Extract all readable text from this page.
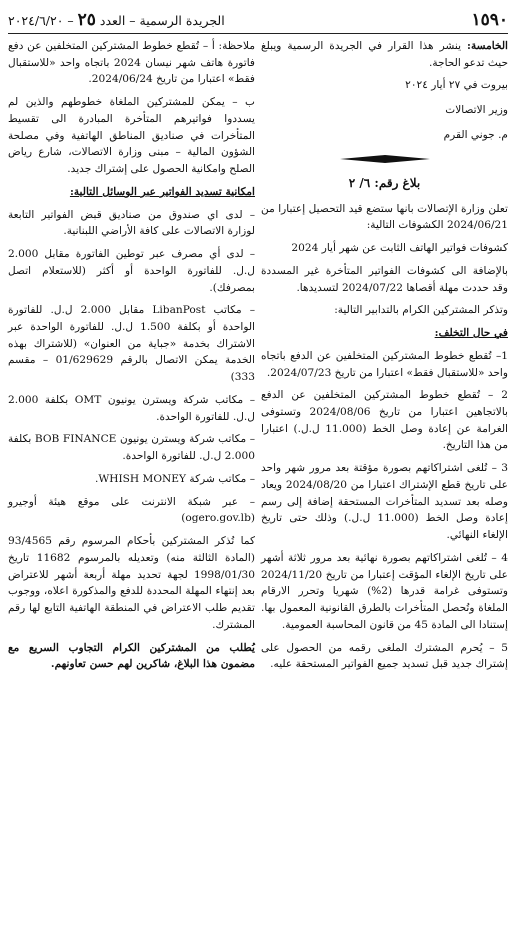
١٥٩٠
الجريدة الرسمية – العدد ٢٥ – ٢٠٢٤/٦/٢٠

الخامسة: ينشر هذا القرار في الجريدة الرسمية ويبلغ حيث تدعو الحاجة.

بيروت في ٢٧ أيار ٢٠٢٤
وزير الاتصالات
م. جوني القرم
بلاغ رقم: ٦/ ٢

تعلن وزارة الإتصالات بانها ستضع قيد التحصيل إعتبارا من 2024/06/21 الكشوفات التالية:

كشوفات فواتير الهاتف الثابت عن شهر أيار 2024

بالإضافة الى كشوفات الفواتير المتأخرة غير المسددة وقد حددت مهلة أقصاها 2024/07/22 لتسديدها.

وتذكر المشتركين الكرام بالتدابير التالية:

في حال التخلف:

1– تُقطع خطوط المشتركين المتخلفين عن الدفع باتجاه واحد «للاستقبال فقط» اعتبارا من تاريخ 2024/07/23.

2 – تُقطع خطوط المشتركين المتخلفين عن الدفع بالاتجاهين اعتبارا من تاريخ 2024/08/06 وتستوفى الغرامة عن إعادة وصل الخط (11.000 ل.ل.) اعتبارا من هذا التاريخ.

3 – تُلغى اشتراكاتهم بصورة مؤقتة بعد مرور شهر واحد على تاريخ قطع الإشتراك اعتبارا من 2024/08/20 ويعاد وصله بعد تسديد المتأخرات المستحقة إضافة إلى رسم إعادة وصل الخط (11.000 ل.ل.) وذلك حتى تاريخ الإلغاء النهائي.

4 – تُلغى اشتراكاتهم بصورة نهائية بعد مرور ثلاثة أشهر على تاريخ الإلغاء المؤقت إعتبارا من تاريخ 2024/11/20 وتستوفى غرامة قدرها (2%) شهريا وتحرر الارقام الملغاة وتُحصل المتأخرات بالطرق القانونية المعمول بها. إستنادا الى المادة 45 من قانون المحاسبة العمومية.

5 – يُحرم المشترك الملغى رقمه من الحصول على إشتراك جديد قبل تسديد جميع الفواتير المستحقة عليه.

ملاحظة: أ – تُقطع خطوط المشتركين المتخلفين عن دفع فاتورة هاتف شهر نيسان 2024 باتجاه واحد «للاستقبال فقط» اعتبارا من تاريخ 2024/06/24.

ب – يمكن للمشتركين الملغاة خطوطهم والذين لم يسددوا فواتيرهم المتأخرة المبادرة الى تقسيط المتأخرات في صناديق المناطق الهاتفية وفي مصلحة الشؤون المالية – مبنى وزارة الاتصالات، شارع رياض الصلح وامكانية الحصول على إشتراك جديد.

امكانية تسديد الفواتير عبر الوسائل التالية:

– لدى اي صندوق من صناديق قبض الفواتير التابعة لوزارة الاتصالات على كافة الأراضي اللبنانية.

– لدى أي مصرف عبر توطين الفاتورة مقابل 2.000 ل.ل. للفاتورة الواحدة أو أكثر (للاستعلام اتصل بمصرفك).

– مكاتب LibanPost مقابل 2.000 ل.ل. للفاتورة الواحدة أو بكلفة 1.500 ل.ل. للفاتورة الواحدة عبر الاشتراك بخدمة «جباية من العنوان» (للاشتراك بهذه الخدمة يمكن الاتصال بالرقم 01/629629 – مقسم 333)

– مكاتب شركة ويسترن يونيون OMT بكلفة 2.000 ل.ل. للفاتورة الواحدة.

– مكاتب شركة ويسترن يونيون BOB FINANCE بكلفة 2.000 ل.ل. للفاتورة الواحدة.

– مكاتب شركة WHISH MONEY.

– عبر شبكة الانترنت على موقع هيئة أوجيرو (ogero.gov.lb)

كما تُذكر المشتركين بأحكام المرسوم رقم 93/4565 (المادة الثالثة منه) وتعديله بالمرسوم 11682 تاريخ 1998/01/30 لجهة تحديد مهلة أربعة أشهر للاعتراض بعد إنتهاء المهلة المحددة للدفع والمذكورة اعلاه، ووجوب تقديم طلب الاعتراض في المنطقة الهاتفية التابع لها رقم المشترك.

يُطلب من المشتركين الكرام التجاوب السريع مع مضمون هذا البلاغ، شاكرين لهم حسن تعاونهم.
